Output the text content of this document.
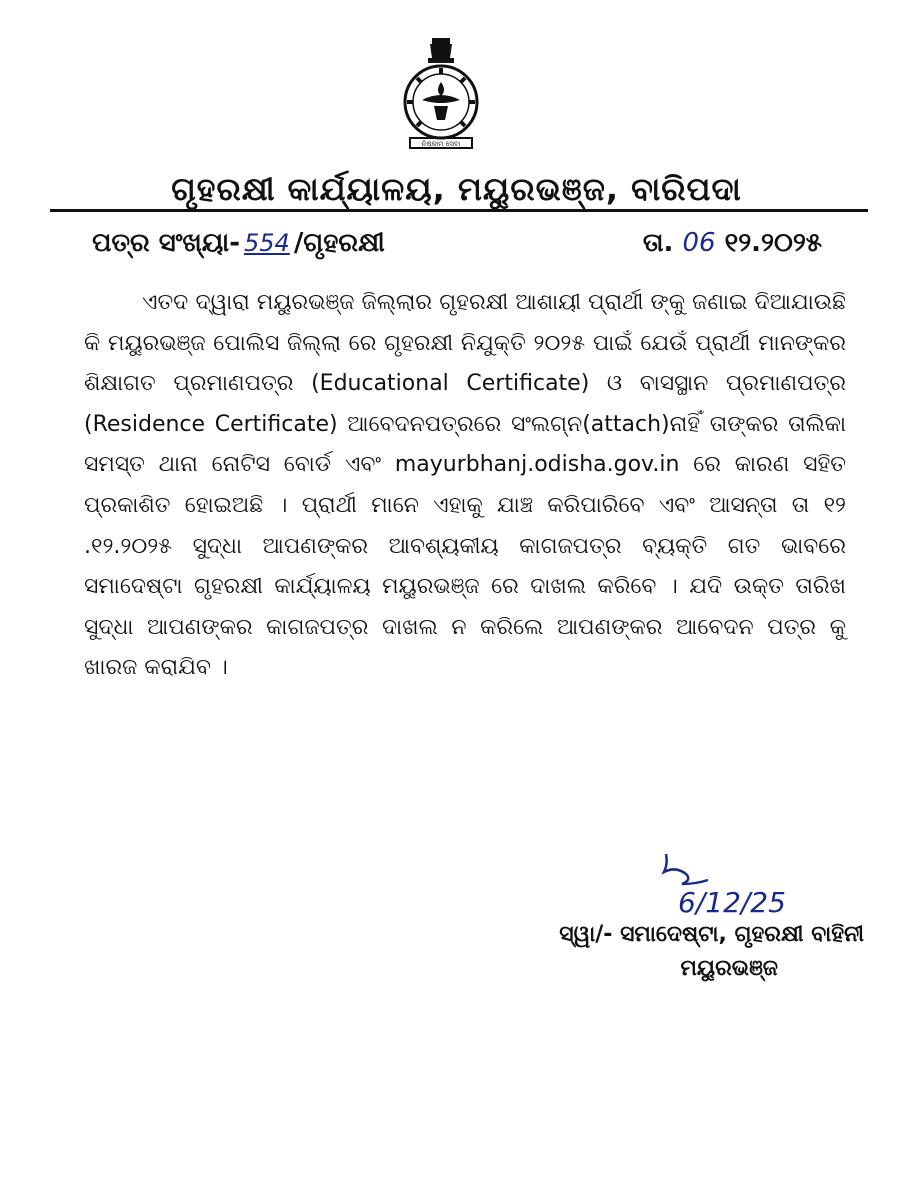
ନିଷ୍କାମ ସେବା
ଗୃହରକ୍ଷୀ କାର୍ଯ୍ୟାଳୟ, ମୟୁରଭଞ୍ଜ, ବାରିପଦା
ପତ୍ର ସଂଖ୍ୟା- 554 /ଗୃହରକ୍ଷୀ	ତା. 06 ୧୨.୨୦୨୫
ଏତଦ ଦ୍ୱାରା ମୟୁରଭଞ୍ଜ ଜିଲ୍ଲାର ଗୃହରକ୍ଷୀ ଆଶାୟୀ ପ୍ରାର୍ଥୀ ଙ୍କୁ ଜଣାଇ ଦିଆଯାଉଛି କି ମୟୁରଭଞ୍ଜ ପୋଲିସ ଜିଲ୍ଲା ରେ ଗୃହରକ୍ଷୀ ନିଯୁକ୍ତି ୨୦୨୫ ପାଇଁ ଯେଉଁ ପ୍ରାର୍ଥୀ ମାନଙ୍କର ଶିକ୍ଷାଗତ ପ୍ରମାଣପତ୍ର (Educational Certificate) ଓ ବାସସ୍ଥାନ ପ୍ରମାଣପତ୍ର (Residence Certificate) ଆବେଦନପତ୍ରରେ ସଂଲଗ୍ନ(attach)ନାହିଁ ତାଙ୍କର ତାଲିକା ସମସ୍ତ ଥାନା ନୋଟିସ ବୋର୍ଡ ଏବଂ mayurbhanj.odisha.gov.in ରେ କାରଣ ସହିତ ପ୍ରକାଶିତ ହୋଇଅଛି । ପ୍ରାର୍ଥୀ ମାନେ ଏହାକୁ ଯାଞ୍ଚ କରିପାରିବେ ଏବଂ ଆସନ୍ତା ତା ୧୨ .୧୨.୨୦୨୫ ସୁଦ୍ଧା ଆପଣଙ୍କର ଆବଶ୍ୟକୀୟ କାଗଜପତ୍ର ବ୍ୟକ୍ତି ଗତ ଭାବରେ ସମାଦେଷ୍ଟା ଗୃହରକ୍ଷୀ କାର୍ଯ୍ୟାଳୟ ମୟୁରଭଞ୍ଜ ରେ ଦାଖଲ କରିବେ । ଯଦି ଉକ୍ତ ତାରିଖ ସୁଦ୍ଧା ଆପଣଙ୍କର କାଗଜପତ୍ର ଦାଖଲ ନ କରିଲେ ଆପଣଙ୍କର ଆବେଦନ ପତ୍ର କୁ ଖାରଜ କରାଯିବ ।
6/12/25
ସ୍ୱା/- ସମାଦେଷ୍ଟା, ଗୃହରକ୍ଷୀ ବାହିନୀ
ମୟୁରଭଞ୍ଜ
